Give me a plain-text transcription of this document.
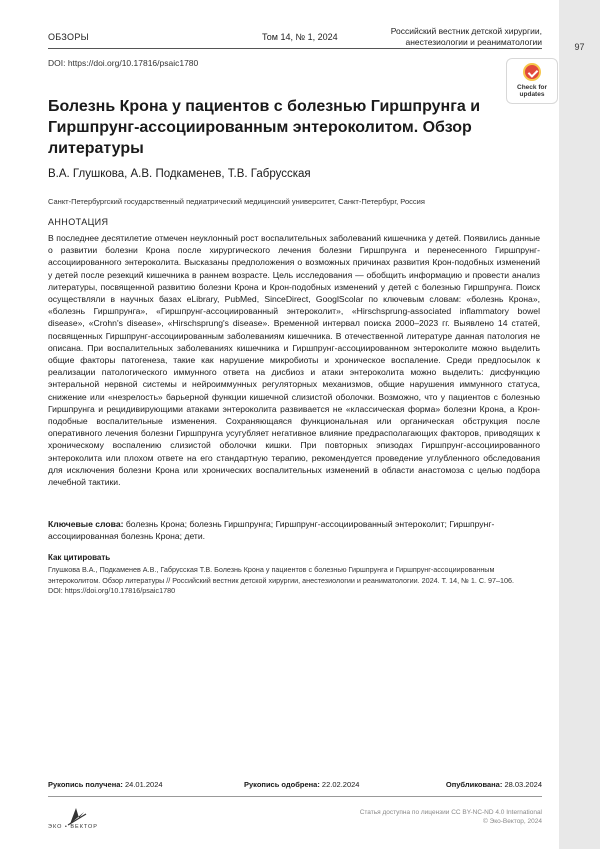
97
ОБЗОРЫ	Том 14, № 1, 2024
Российский вестник детской хирургии,
анестезиологии и реаниматологии
DOI: https://doi.org/10.17816/psaic1780
Check for
updates
Болезнь Крона у пациентов с болезнью Гиршпрунга и Гиршпрунг-ассоциированным энтероколитом. Обзор литературы
В.А. Глушкова, А.В. Подкаменев, Т.В. Габрусская
Санкт-Петербургский государственный педиатрический медицинский университет, Санкт-Петербург, Россия
АННОТАЦИЯ

В последнее десятилетие отмечен неуклонный рост воспалительных заболеваний кишечника у детей. Появились данные о развитии болезни Крона после хирургического лечения болезни Гиршпрунга и перенесенного Гиршпрунг-ассоциированного энтероколита. Высказаны предположения о возможных причинах развития Крон-подобных изменений у детей после резекций кишечника в раннем возрасте. Цель исследования — обобщить информацию и провести анализ литературы, посвященной развитию болезни Крона и Крон-подобных изменений у детей с болезнью Гиршпрунга. Поиск осуществляли в научных базах eLibrary, PubMed, SinceDirect, GooglScolar по ключевым словам: «болезнь Крона», «болезнь Гиршпрунга», «Гиршпрунг-ассоциированный энтероколит», «Hirschsprung-associated inflammatory bowel disease», «Crohn's disease», «Hirschsprung's disease». Временной интервал поиска 2000–2023 гг. Выявлено 14 статей, посвященных Гиршпрунг-ассоциированным заболеваниям кишечника. В отечественной литературе данная патология не описана. При воспалительных заболеваниях кишечника и Гиршпрунг-ассоциированном энтероколите можно выделить общие факторы патогенеза, такие как нарушение микробиоты и хроническое воспаление. Среди предпосылок к реализации патологического иммунного ответа на дисбиоз и атаки энтероколита можно выделить: дисфункцию энтеральной нервной системы и нейроиммунных регуляторных механизмов, общие нарушения иммунного статуса, снижение или «незрелость» барьерной функции кишечной слизистой оболочки. Возможно, что у пациентов с болезнью Гиршпрунга и рецидивирующими атаками энтероколита развивается не «классическая форма» болезни Крона, а Крон-подобные воспалительные изменения. Сохраняющаяся функциональная или органическая обструкция после оперативного лечения болезни Гиршпрунга усугубляет негативное влияние предрасполагающих факторов, приводящих к хроническому воспалению слизистой оболочки кишки. При повторных эпизодах Гиршпрунг-ассоциированного энтероколита или плохом ответе на его стандартную терапию, рекомендуется проведение углубленного обследования для исключения болезни Крона или хронических воспалительных изменений в области анастомоза с целью подбора лечебной тактики.

Ключевые слова: болезнь Крона; болезнь Гиршпрунга; Гиршпрунг-ассоциированный энтероколит; Гиршпрунг-ассоциированная болезнь Крона; дети.

Как цитировать

Глушкова В.А., Подкаменев А.В., Габрусская Т.В. Болезнь Крона у пациентов с болезнью Гиршпрунга и Гиршпрунг-ассоциированным энтероколитом. Обзор литературы // Российский вестник детской хирургии, анестезиологии и реаниматологии. 2024. Т. 14, № 1. С. 97–106.
DOI: https://doi.org/10.17816/psaic1780

Рукопись получена: 24.01.2024	Рукопись одобрена: 22.02.2024	Опубликована: 28.03.2024
ЭКО • ВЕКТОР
Статья доступна по лицензии CC BY-NC-ND 4.0 International
© Эко-Вектор, 2024
